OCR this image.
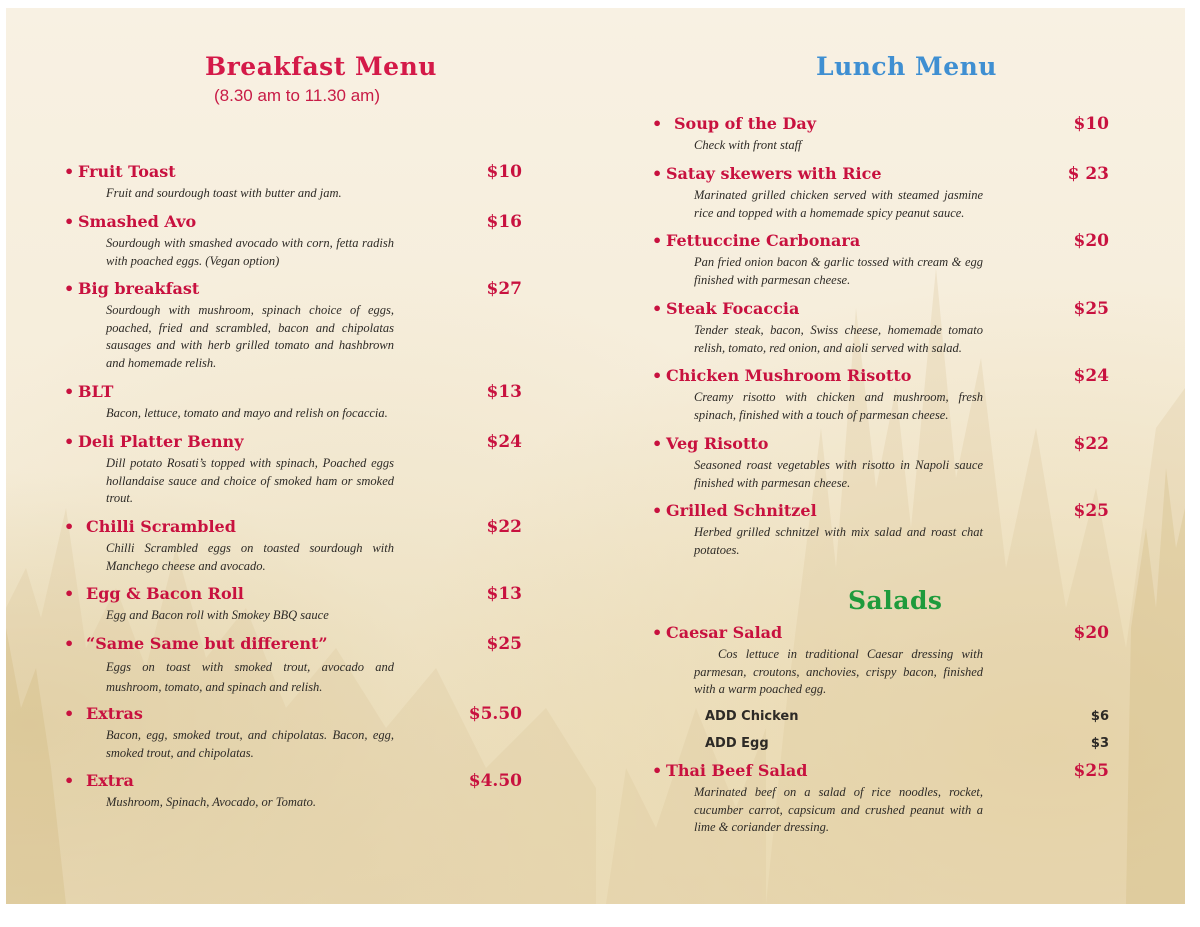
Breakfast Menu

(8.30 am to 11.30 am)

• Fruit Toast	$10
Fruit and sourdough toast with butter and jam.
• Smashed Avo	$16
Sourdough with smashed avocado with corn, fetta radish with poached eggs. (Vegan option)
• Big breakfast	$27
Sourdough with mushroom, spinach choice of eggs, poached, fried and scrambled, bacon and chipolatas sausages and with herb grilled tomato and hashbrown and homemade relish.
• BLT	$13
Bacon, lettuce, tomato and mayo and relish on focaccia.
• Deli Platter Benny	$24
Dill potato Rosati’s topped with spinach, Poached eggs hollandaise sauce and choice of smoked ham or smoked trout.
• Chilli Scrambled	$22
Chilli Scrambled eggs on toasted sourdough with Manchego cheese and avocado.
• Egg & Bacon Roll	$13
Egg and Bacon roll with Smokey BBQ sauce
• “Same Same but different”	$25
Eggs on toast with smoked trout, avocado and mushroom, tomato, and spinach and relish.
• Extras	$5.50
Bacon, egg, smoked trout, and chipolatas. Bacon, egg, smoked trout, and chipolatas.
• Extra	$4.50
Mushroom, Spinach, Avocado, or Tomato.
Lunch Menu
• Soup of the Day	$10
Check with front staff
• Satay skewers with Rice	$ 23
Marinated grilled chicken served with steamed jasmine rice and topped with a homemade spicy peanut sauce.
• Fettuccine Carbonara	$20
Pan fried onion bacon & garlic tossed with cream & egg finished with parmesan cheese.
• Steak Focaccia	$25
Tender steak, bacon, Swiss cheese, homemade tomato relish, tomato, red onion, and aioli served with salad.
• Chicken Mushroom Risotto	$24
Creamy risotto with chicken and mushroom, fresh spinach, finished with a touch of parmesan cheese.
• Veg Risotto	$22
Seasoned roast vegetables with risotto in Napoli sauce finished with parmesan cheese.
• Grilled Schnitzel	$25
Herbed grilled schnitzel with mix salad and roast chat potatoes.
Salads
• Caesar Salad	$20
Cos lettuce in traditional Caesar dressing with parmesan, croutons, anchovies, crispy bacon, finished with a warm poached egg.
ADD Chicken	$6
ADD Egg	$3
• Thai Beef Salad	$25
Marinated beef on a salad of rice noodles, rocket, cucumber carrot, capsicum and crushed peanut with a lime & coriander dressing.
